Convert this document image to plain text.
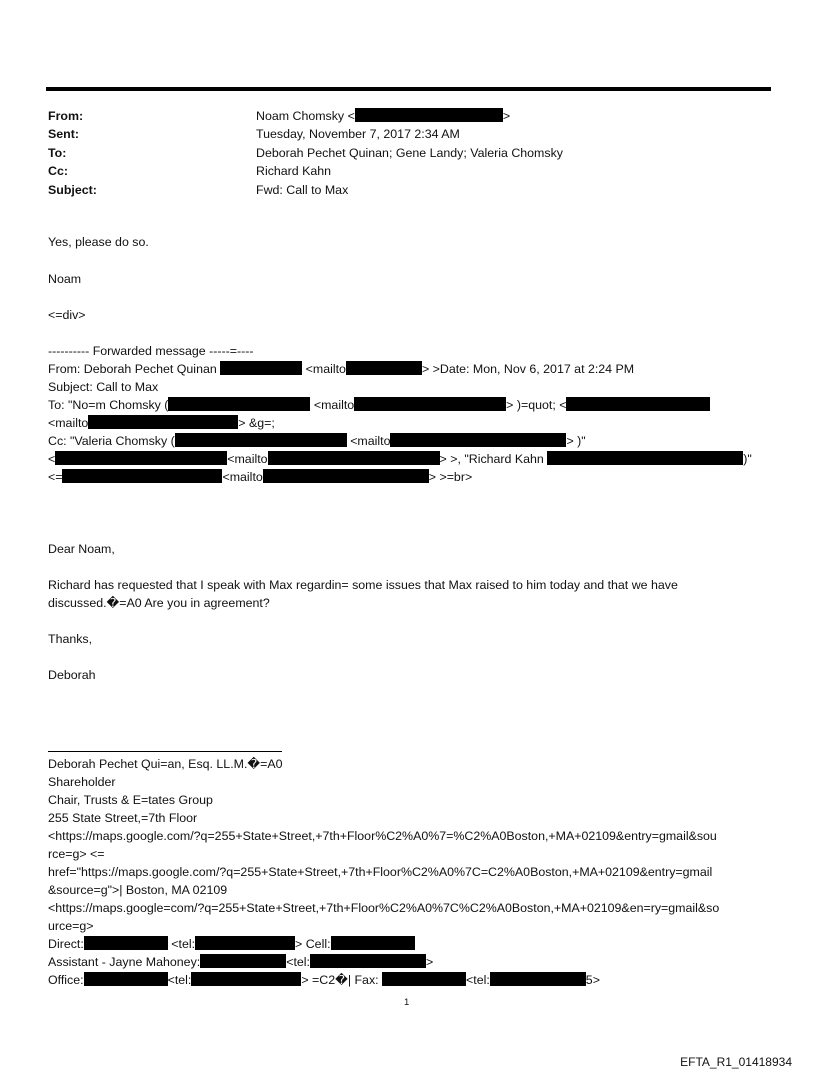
From:	Noam Chomsky <	>
Sent:	Tuesday, November 7, 2017 2:34 AM
To:	Deborah Pechet Quinan; Gene Landy; Valeria Chomsky
Cc:	Richard Kahn
Subject:	Fwd: Call to Max
Yes, please do so.
Noam
<=div>
---------- Forwarded message -----=----
From: Deborah Pechet Quinan	<mailto	> >Date: Mon, Nov 6, 2017 at 2:24 PM
Subject: Call to Max
To: "No=m Chomsky (	<mailto	> )=quot; <
<mailto	> &g=;
Cc: "Valeria Chomsky (	<mailto	> )"
<	<mailto	> >, "Richard Kahn	)"
<=	<mailto	> >=br>
Dear Noam,
Richard has requested that I speak with Max regardin= some issues that Max raised to him today and that we have
discussed.�=A0 Are you in agreement?
Thanks,
Deborah
Deborah Pechet Qui=an, Esq. LL.M.�=A0
Shareholder
Chair, Trusts & E=tates Group
255 State Street,=7th Floor
<https://maps.google.com/?q=255+State+Street,+7th+Floor%C2%A0%7=%C2%A0Boston,+MA+02109&entry=gmail&sou
rce=g> <=
href="https://maps.google.com/?q=255+State+Street,+7th+Floor%C2%A0%7C=C2%A0Boston,+MA+02109&entry=gmail
&source=g">| Boston, MA 02109
<https://maps.google=com/?q=255+State+Street,+7th+Floor%C2%A0%7C%C2%A0Boston,+MA+02109&en=ry=gmail&so
urce=g>
Direct:	<tel:	> Cell:
Assistant - Jayne Mahoney:	<tel:	>
Office:	<tel:	> =C2�| Fax:	<tel:	5>
1
EFTA_R1_01418934
